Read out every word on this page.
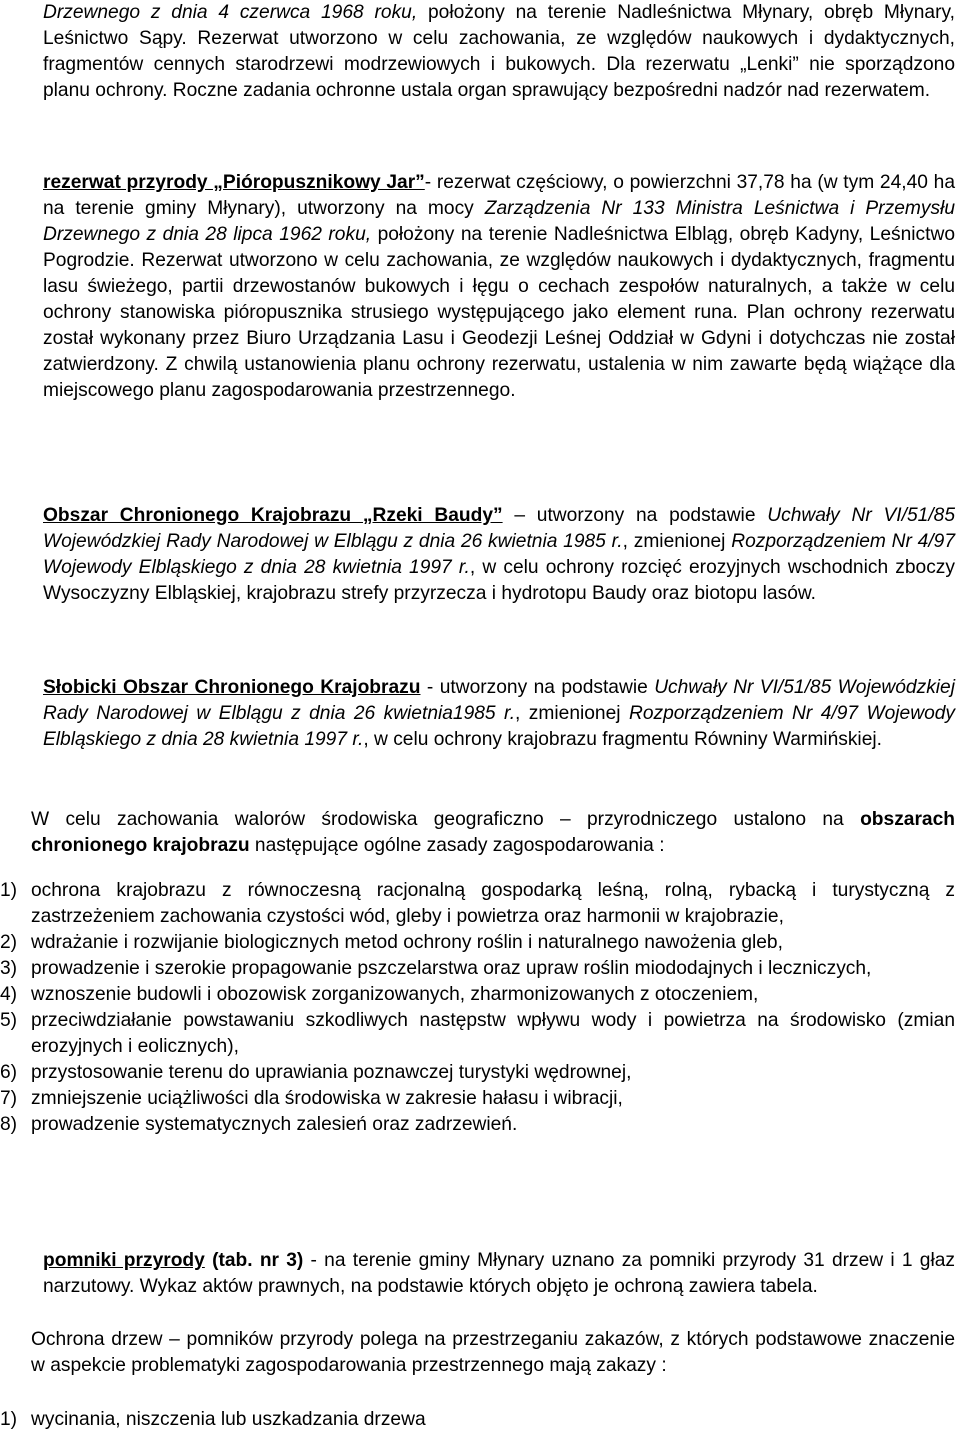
Drzewnego z dnia 4 czerwca 1968 roku, położony na terenie Nadleśnictwa Młynary, obręb Młynary, Leśnictwo Sąpy. Rezerwat utworzono w celu zachowania, ze względów naukowych i dydaktycznych, fragmentów cennych starodrzewi modrzewiowych i bukowych. Dla rezerwatu „Lenki” nie sporządzono planu ochrony. Roczne zadania ochronne ustala organ sprawujący bezpośredni nadzór nad rezerwatem.

rezerwat przyrody „Pióropusznikowy Jar”- rezerwat częściowy, o powierzchni 37,78 ha (w tym 24,40 ha na terenie gminy Młynary), utworzony na mocy Zarządzenia Nr 133 Ministra Leśnictwa i Przemysłu Drzewnego z dnia 28 lipca 1962 roku, położony na terenie Nadleśnictwa Elbląg, obręb Kadyny, Leśnictwo Pogrodzie. Rezerwat utworzono w celu zachowania, ze względów naukowych i dydaktycznych, fragmentu lasu świeżego, partii drzewostanów bukowych i łęgu o cechach zespołów naturalnych, a także w celu ochrony stanowiska pióropusznika strusiego występującego jako element runa. Plan ochrony rezerwatu został wykonany przez Biuro Urządzania Lasu i Geodezji Leśnej Oddział w Gdyni i dotychczas nie został zatwierdzony. Z chwilą ustanowienia planu ochrony rezerwatu, ustalenia w nim zawarte będą wiążące dla miejscowego planu zagospodarowania przestrzennego.

Obszar Chronionego Krajobrazu „Rzeki Baudy” – utworzony na podstawie Uchwały Nr VI/51/85 Wojewódzkiej Rady Narodowej w Elblągu z dnia 26 kwietnia 1985 r., zmienionej Rozporządzeniem Nr 4/97 Wojewody Elbląskiego z dnia 28 kwietnia 1997 r., w celu ochrony rozcięć erozyjnych wschodnich zboczy Wysoczyzny Elbląskiej, krajobrazu strefy przyrzecza i hydrotopu Baudy oraz biotopu lasów.

Słobicki Obszar Chronionego Krajobrazu - utworzony na podstawie Uchwały Nr VI/51/85 Wojewódzkiej Rady Narodowej w Elblągu z dnia 26 kwietnia1985 r., zmienionej Rozporządzeniem Nr 4/97 Wojewody Elbląskiego z dnia 28 kwietnia 1997 r., w celu ochrony krajobrazu fragmentu Równiny Warmińskiej.

W celu zachowania walorów środowiska geograficzno – przyrodniczego ustalono na obszarach chronionego krajobrazu następujące ogólne zasady zagospodarowania :

1) ochrona krajobrazu z równoczesną racjonalną gospodarką leśną, rolną, rybacką i turystyczną z zastrzeżeniem zachowania czystości wód, gleby i powietrza oraz harmonii w krajobrazie,
2) wdrażanie i rozwijanie biologicznych metod ochrony roślin i naturalnego nawożenia gleb,
3) prowadzenie i szerokie propagowanie pszczelarstwa oraz upraw roślin miododajnych i leczniczych,
4) wznoszenie budowli i obozowisk zorganizowanych, zharmonizowanych z otoczeniem,
5) przeciwdziałanie powstawaniu szkodliwych następstw wpływu wody i powietrza na środowisko (zmian erozyjnych i eolicznych),
6) przystosowanie terenu do uprawiania poznawczej turystyki wędrownej,
7) zmniejszenie uciążliwości dla środowiska w zakresie hałasu i wibracji,
8) prowadzenie systematycznych zalesień oraz zadrzewień.

pomniki przyrody (tab. nr 3) - na terenie gminy Młynary uznano za pomniki przyrody 31 drzew i 1 głaz narzutowy. Wykaz aktów prawnych, na podstawie których objęto je ochroną zawiera tabela.

Ochrona drzew – pomników przyrody polega na przestrzeganiu zakazów, z których podstawowe znaczenie w aspekcie problematyki zagospodarowania przestrzennego mają zakazy :

1) wycinania, niszczenia lub uszkadzania drzewa
